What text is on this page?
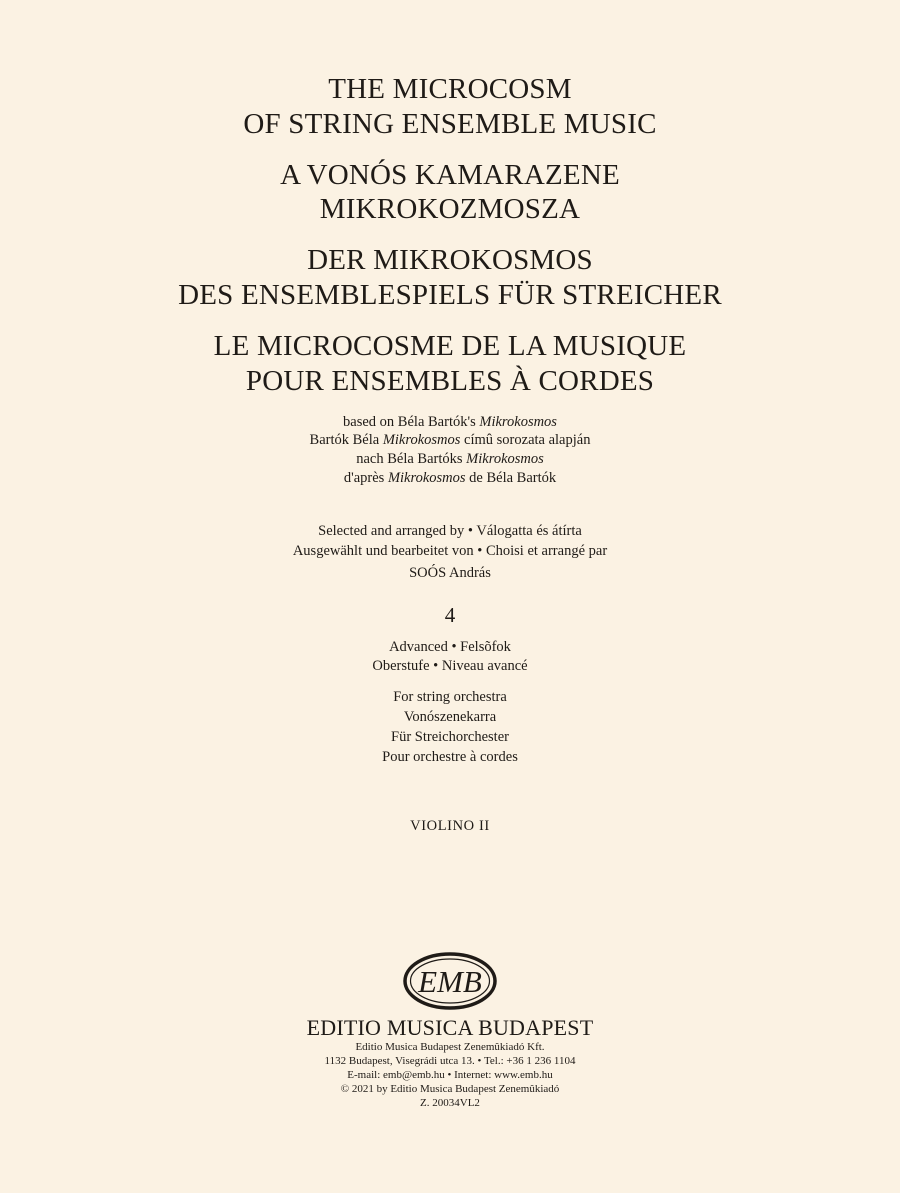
THE MICROCOSM
OF STRING ENSEMBLE MUSIC
A VONÓS KAMARAZENE
MIKROKOZMOSZA
DER MIKROKOSMOS
DES ENSEMBLESPIELS FÜR STREICHER
LE MICROCOSME DE LA MUSIQUE
POUR ENSEMBLES À CORDES
based on Béla Bartók's Mikrokosmos
Bartók Béla Mikrokosmos címû sorozata alapján
nach Béla Bartóks Mikrokosmos
d'après Mikrokosmos de Béla Bartók
Selected and arranged by • Válogatta és átírta
Ausgewählt und bearbeitet von • Choisi et arrangé par
SOÓS András
4
Advanced • Felsõfok
Oberstufe • Niveau avancé
For string orchestra
Vonószenekarra
Für Streichorchester
Pour orchestre à cordes
VIOLINO II
EMB
EDITIO MUSICA BUDAPEST
Editio Musica Budapest Zenemûkiadó Kft.
1132 Budapest, Visegrádi utca 13. • Tel.: +36 1 236 1104
E-mail: emb@emb.hu • Internet: www.emb.hu
© 2021 by Editio Musica Budapest Zenemûkiadó
Z. 20034VL2
